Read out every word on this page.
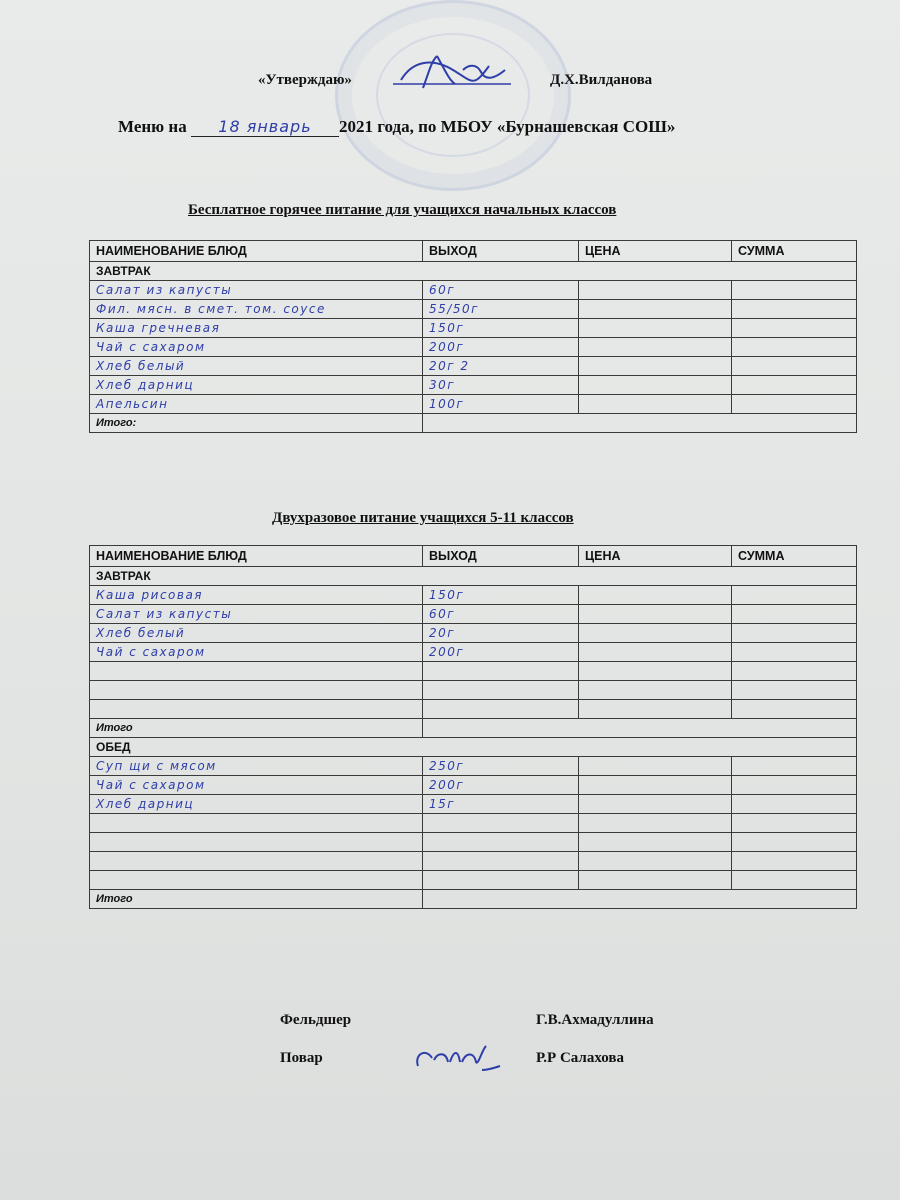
«Утверждаю»	Д.Х.Вилданова
Меню на 18 январь 2021 года, по МБОУ «Бурнашевская СОШ»
Бесплатное горячее питание для учащихся начальных классов
НАИМЕНОВАНИЕ БЛЮД	ВЫХОД	ЦЕНА	СУММА
ЗАВТРАК			
Салат из капусты	60г		
Фил. мясн. в смет. том. соусе	55/50г		
Каша гречневая	150г		
Чай с сахаром	200г		
Хлеб белый	20г 2		
Хлеб дарниц	30г		
Апельсин	100г		
Итого:			
Двухразовое питание учащихся 5-11 классов
НАИМЕНОВАНИЕ БЛЮД	ВЫХОД	ЦЕНА	СУММА
ЗАВТРАК			
Каша рисовая	150г		
Салат из капусты	60г		
Хлеб белый	20г		
Чай с сахаром	200г		

Итого			
ОБЕД			
Суп щи с мясом	250г		
Чай с сахаром	200г		
Хлеб дарниц	15г		

Итого			
Фельдшер	Г.В.Ахмадуллина
Повар	Р.Р Салахова
